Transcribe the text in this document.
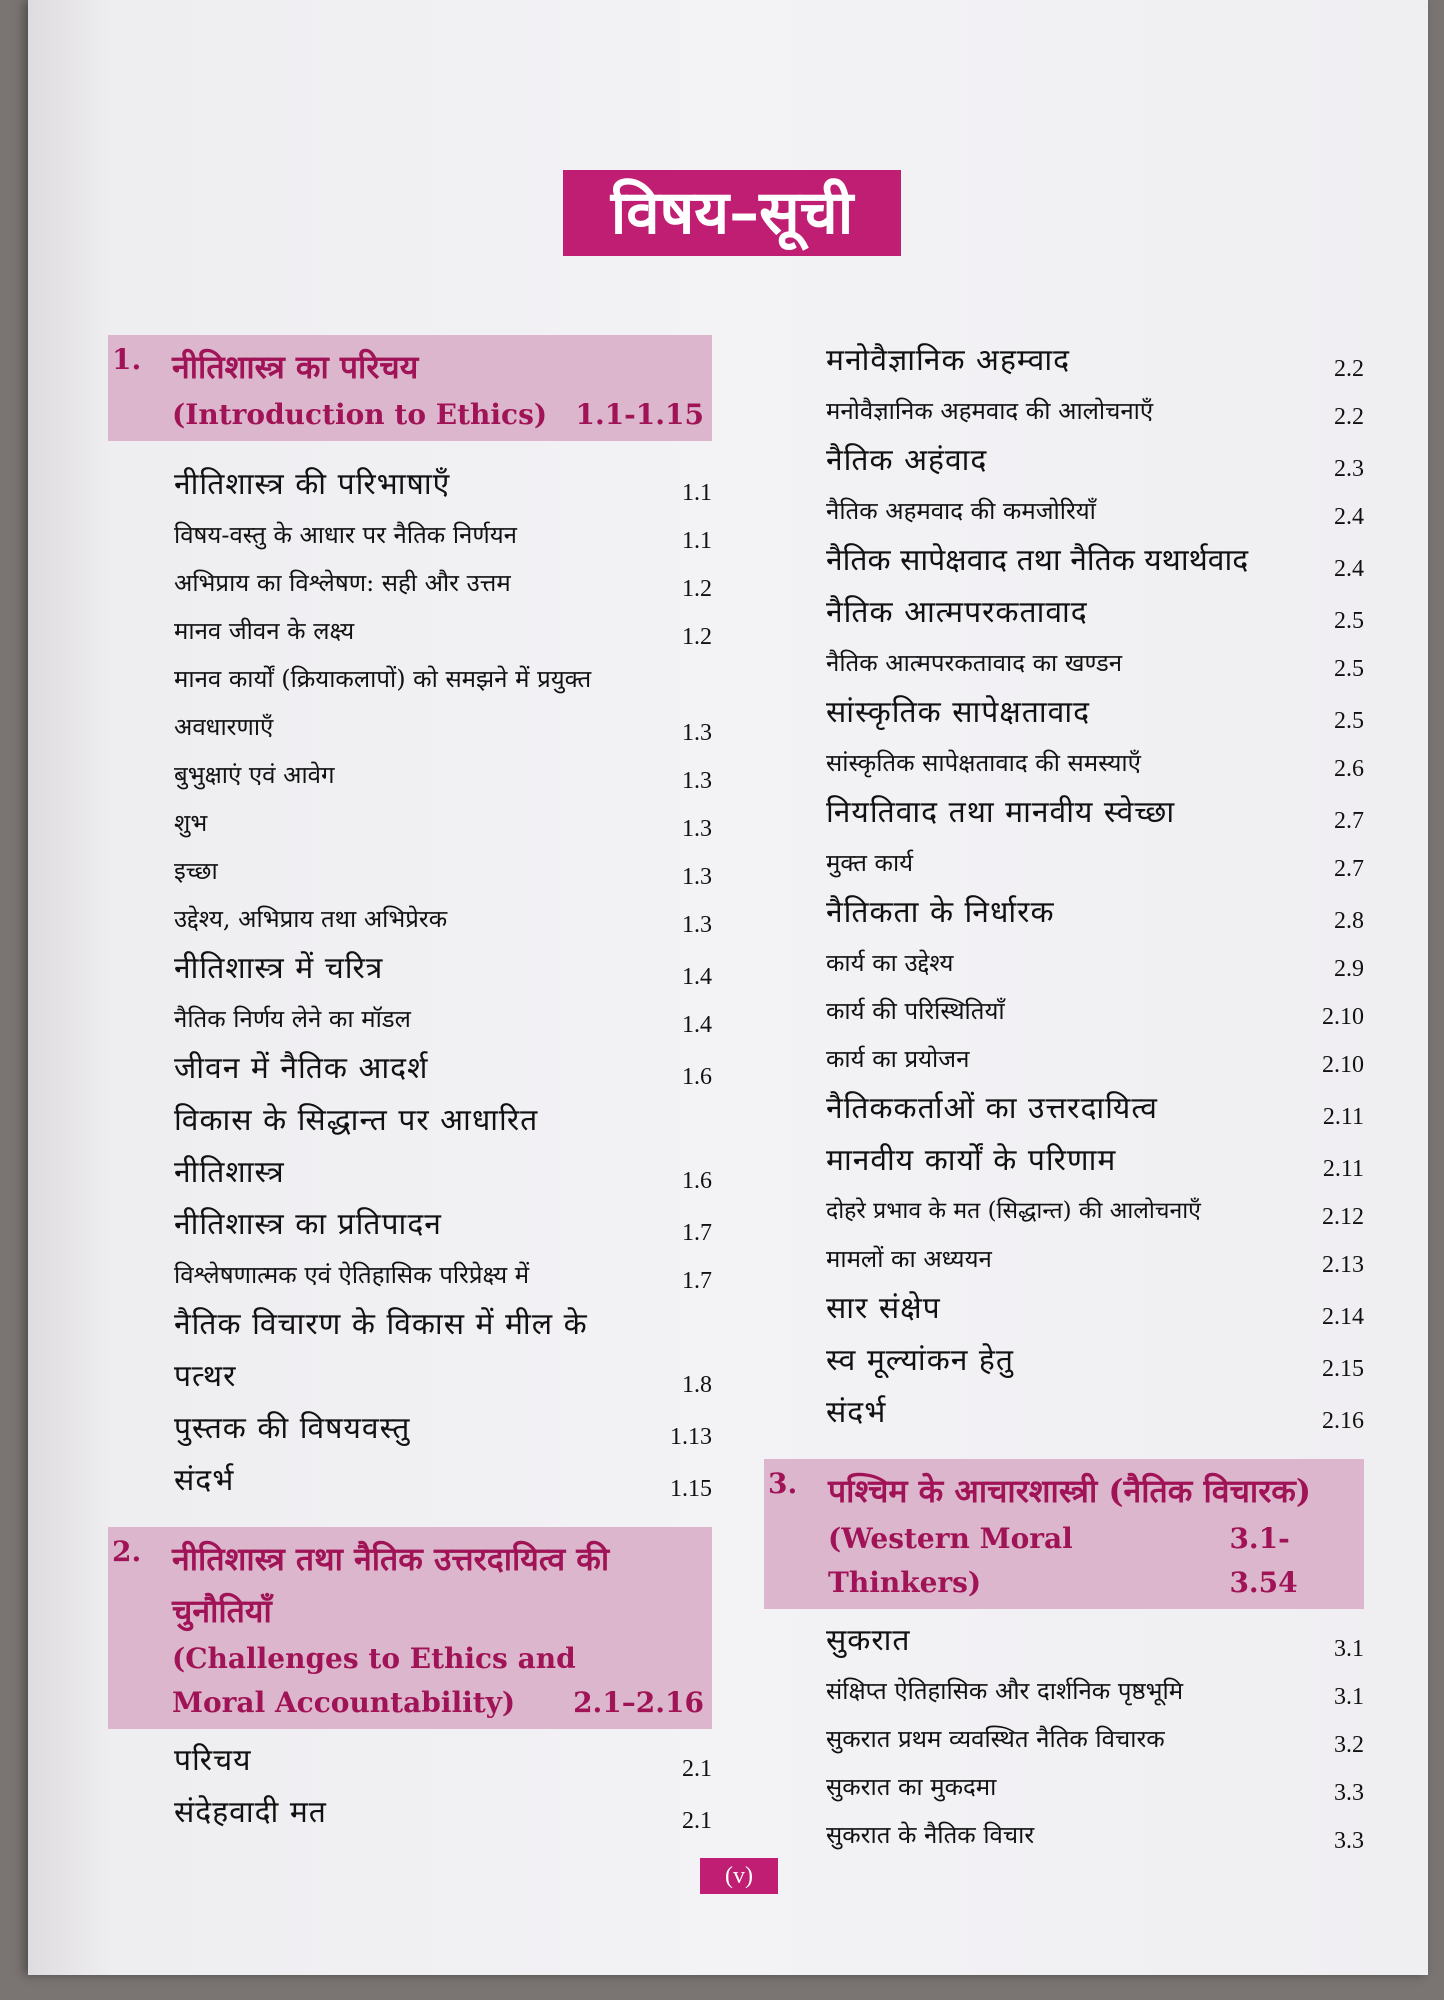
विषय–सूची
1. नीतिशास्त्र का परिचय
(Introduction to Ethics) 1.1-1.15
नीतिशास्त्र की परिभाषाएँ	1.1
विषय-वस्तु के आधार पर नैतिक निर्णयन	1.1
अभिप्राय का विश्लेषण: सही और उत्तम	1.2
मानव जीवन के लक्ष्य	1.2
मानव कार्यों (क्रियाकलापों) को समझने में प्रयुक्त
अवधारणाएँ	1.3
बुभुक्षाएं एवं आवेग	1.3
शुभ	1.3
इच्छा	1.3
उद्देश्य, अभिप्राय तथा अभिप्रेरक	1.3
नीतिशास्त्र में चरित्र	1.4
नैतिक निर्णय लेने का मॉडल	1.4
जीवन में नैतिक आदर्श	1.6
विकास के सिद्धान्त पर आधारित
नीतिशास्त्र	1.6
नीतिशास्त्र का प्रतिपादन	1.7
विश्लेषणात्मक एवं ऐतिहासिक परिप्रेक्ष्य में	1.7
नैतिक विचारण के विकास में मील के
पत्थर	1.8
पुस्तक की विषयवस्तु	1.13
संदर्भ	1.15
2. नीतिशास्त्र तथा नैतिक उत्तरदायित्व की चुनौतियाँ
(Challenges to Ethics and
Moral Accountability) 2.1–2.16
परिचय	2.1
संदेहवादी मत	2.1
मनोवैज्ञानिक अहम्वाद	2.2
मनोवैज्ञानिक अहमवाद की आलोचनाएँ	2.2
नैतिक अहंवाद	2.3
नैतिक अहमवाद की कमजोरियाँ	2.4
नैतिक सापेक्षवाद तथा नैतिक यथार्थवाद	2.4
नैतिक आत्मपरकतावाद	2.5
नैतिक आत्मपरकतावाद का खण्डन	2.5
सांस्कृतिक सापेक्षतावाद	2.5
सांस्कृतिक सापेक्षतावाद की समस्याएँ	2.6
नियतिवाद तथा मानवीय स्वेच्छा	2.7
मुक्त कार्य	2.7
नैतिकता के निर्धारक	2.8
कार्य का उद्देश्य	2.9
कार्य की परिस्थितियाँ	2.10
कार्य का प्रयोजन	2.10
नैतिककर्ताओं का उत्तरदायित्व	2.11
मानवीय कार्यों के परिणाम	2.11
दोहरे प्रभाव के मत (सिद्धान्त) की आलोचनाएँ	2.12
मामलों का अध्ययन	2.13
सार संक्षेप	2.14
स्व मूल्यांकन हेतु	2.15
संदर्भ	2.16
3. पश्चिम के आचारशास्त्री (नैतिक विचारक)
(Western Moral Thinkers)
3.1-3.54
सुकरात	3.1
संक्षिप्त ऐतिहासिक और दार्शनिक पृष्ठभूमि	3.1
सुकरात प्रथम व्यवस्थित नैतिक विचारक	3.2
सुकरात का मुकदमा	3.3
सुकरात के नैतिक विचार	3.3
(v)
